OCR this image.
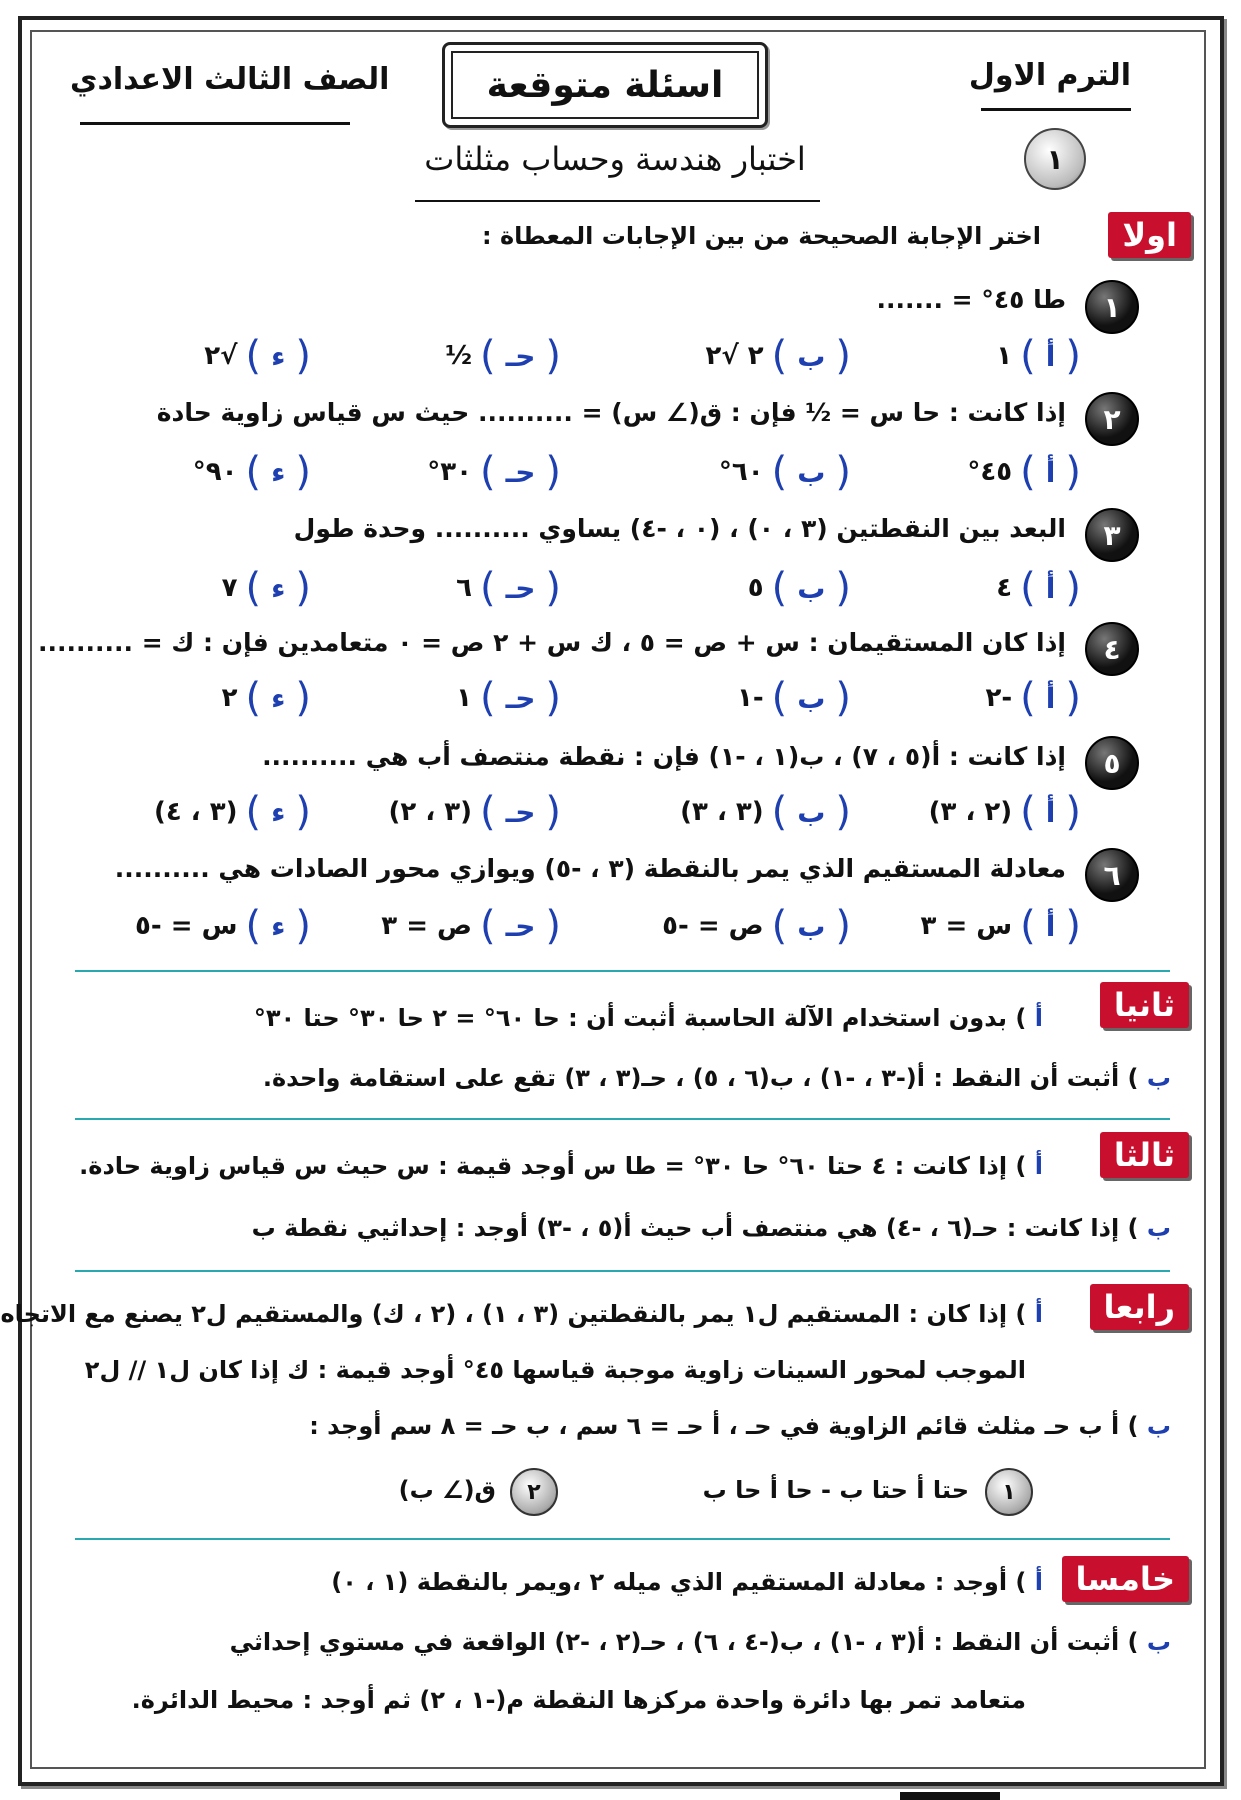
الصف الثالث الاعدادي	الترم الاول
اسئلة متوقعة
١
اختبار هندسة وحساب مثلثات
اولا
اختر الإجابة الصحيحة من بين الإجابات المعطاة :
١
طا ٤٥° = .......
(
أ
)
١
(
ب
)
٢ √٢
(
حـ
)
½
(
ء
)
√٢
٢
إذا كانت : حا س = ½ فإن : ق(∠ س) = .......... حيث س قياس زاوية حادة
(
أ
)
٤٥°
(
ب
)
٦٠°
(
حـ
)
٣٠°
(
ء
)
٩٠°
٣
البعد بين النقطتين (٣ ، ٠) ، (٠ ، -٤) يساوي .......... وحدة طول
(
أ
)
٤
(
ب
)
٥
(
حـ
)
٦
(
ء
)
٧
٤
إذا كان المستقيمان : س + ص = ٥ ، ك س + ٢ ص = ٠ متعامدين فإن : ك = ..........
(
أ
)
-٢
(
ب
)
-١
(
حـ
)
١
(
ء
)
٢
٥
إذا كانت : أ(٥ ، ٧) ، ب(١ ، -١) فإن : نقطة منتصف أب هي ..........
(
أ
)
(٢ ، ٣)
(
ب
)
(٣ ، ٣)
(
حـ
)
(٣ ، ٢)
(
ء
)
(٣ ، ٤)
٦
معادلة المستقيم الذي يمر بالنقطة (٣ ، -٥) ويوازي محور الصادات هي ..........
(
أ
)
س = ٣
(
ب
)
ص = -٥
(
حـ
)
ص = ٣
(
ء
)
س = -٥
ثانيا
أ ) بدون استخدام الآلة الحاسبة أثبت أن : حا ٦٠° = ٢ حا ٣٠° حتا ٣٠°
ب ) أثبت أن النقط : أ(-٣ ، -١) ، ب(٦ ، ٥) ، حـ(٣ ، ٣) تقع على استقامة واحدة.
ثالثا
أ ) إذا كانت : ٤ حتا ٦٠° حا ٣٠° = طا س أوجد قيمة : س حيث س قياس زاوية حادة.
ب ) إذا كانت : حـ(٦ ، -٤) هي منتصف أب حيث أ(٥ ، -٣) أوجد : إحداثيي نقطة ب
رابعا
أ ) إذا كان : المستقيم ل١ يمر بالنقطتين (٣ ، ١) ، (٢ ، ك) والمستقيم ل٢ يصنع مع الاتجاه
الموجب لمحور السينات زاوية موجبة قياسها ٤٥° أوجد قيمة : ك إذا كان ل١ // ل٢
ب ) أ ب حـ مثلث قائم الزاوية في حـ ، أ حـ = ٦ سم ، ب حـ = ٨ سم أوجد :
١
حتا أ حتا ب - حا أ حا ب
٢
ق(∠ ب)
خامسا
أ ) أوجد : معادلة المستقيم الذي ميله ٢ ،ويمر بالنقطة (١ ، ٠)
ب ) أثبت أن النقط : أ(٣ ، -١) ، ب(-٤ ، ٦) ، حـ(٢ ، -٢) الواقعة في مستوي إحداثي
متعامد تمر بها دائرة واحدة مركزها النقطة م(-١ ، ٢) ثم أوجد : محيط الدائرة.
